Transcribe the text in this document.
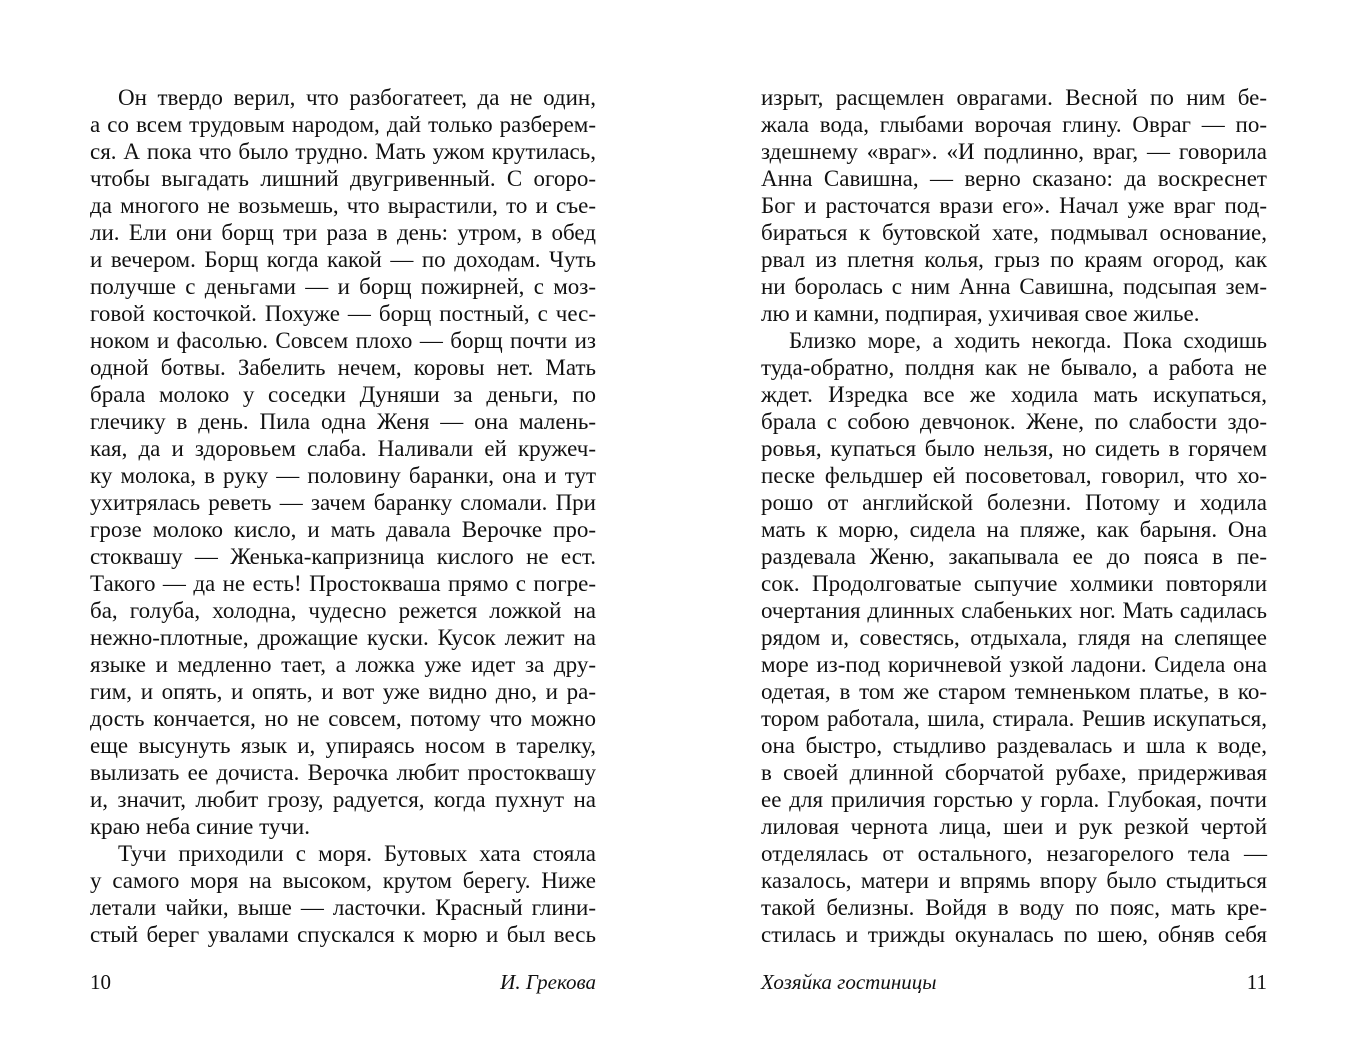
Он твердо верил, что разбогатеет, да не один,
а со всем трудовым народом, дай только разберем-
ся. А пока что было трудно. Мать ужом крутилась,
чтобы выгадать лишний двугривенный. С огоро-
да многого не возьмешь, что вырастили, то и съе-
ли. Ели они борщ три раза в день: утром, в обед
и вечером. Борщ когда какой — по доходам. Чуть
получше с деньгами — и борщ пожирней, с моз-
говой косточкой. Похуже — борщ постный, с чес-
ноком и фасолью. Совсем плохо — борщ почти из
одной ботвы. Забелить нечем, коровы нет. Мать
брала молоко у соседки Дуняши за деньги, по
глечику в день. Пила одна Женя — она малень-
кая, да и здоровьем слаба. Наливали ей кружеч-
ку молока, в руку — половину баранки, она и тут
ухитрялась реветь — зачем баранку сломали. При
грозе молоко кисло, и мать давала Верочке про-
стоквашу — Женька-капризница кислого не ест.
Такого — да не есть! Простокваша прямо с погре-
ба, голуба, холодна, чудесно режется ложкой на
нежно-плотные, дрожащие куски. Кусок лежит на
языке и медленно тает, а ложка уже идет за дру-
гим, и опять, и опять, и вот уже видно дно, и ра-
дость кончается, но не совсем, потому что можно
еще высунуть язык и, упираясь носом в тарелку,
вылизать ее дочиста. Верочка любит простоквашу
и, значит, любит грозу, радуется, когда пухнут на
краю неба синие тучи.
Тучи приходили с моря. Бутовых хата стояла
у самого моря на высоком, крутом берегу. Ниже
летали чайки, выше — ласточки. Красный глини-
стый берег увалами спускался к морю и был весь
10	И. Грекова
изрыт, расщемлен оврагами. Весной по ним бе-
жала вода, глыбами ворочая глину. Овраг — по-
здешнему «враг». «И подлинно, враг, — говорила
Анна Савишна, — верно сказано: да воскреснет
Бог и расточатся врази его». Начал уже враг под-
бираться к бутовской хате, подмывал основание,
рвал из плетня колья, грыз по краям огород, как
ни боролась с ним Анна Савишна, подсыпая зем-
лю и камни, подпирая, ухичивая свое жилье.
Близко море, а ходить некогда. Пока сходишь
туда-обратно, полдня как не бывало, а работа не
ждет. Изредка все же ходила мать искупаться,
брала с собою девчонок. Жене, по слабости здо-
ровья, купаться было нельзя, но сидеть в горячем
песке фельдшер ей посоветовал, говорил, что хо-
рошо от английской болезни. Потому и ходила
мать к морю, сидела на пляже, как барыня. Она
раздевала Женю, закапывала ее до пояса в пе-
сок. Продолговатые сыпучие холмики повторяли
очертания длинных слабеньких ног. Мать садилась
рядом и, совестясь, отдыхала, глядя на слепящее
море из-под коричневой узкой ладони. Сидела она
одетая, в том же старом темненьком платье, в ко-
тором работала, шила, стирала. Решив искупаться,
она быстро, стыдливо раздевалась и шла к воде,
в своей длинной сборчатой рубахе, придерживая
ее для приличия горстью у горла. Глубокая, почти
лиловая чернота лица, шеи и рук резкой чертой
отделялась от остального, незагорелого тела —
казалось, матери и впрямь впору было стыдиться
такой белизны. Войдя в воду по пояс, мать кре-
стилась и трижды окуналась по шею, обняв себя
Хозяйка гостиницы	11
